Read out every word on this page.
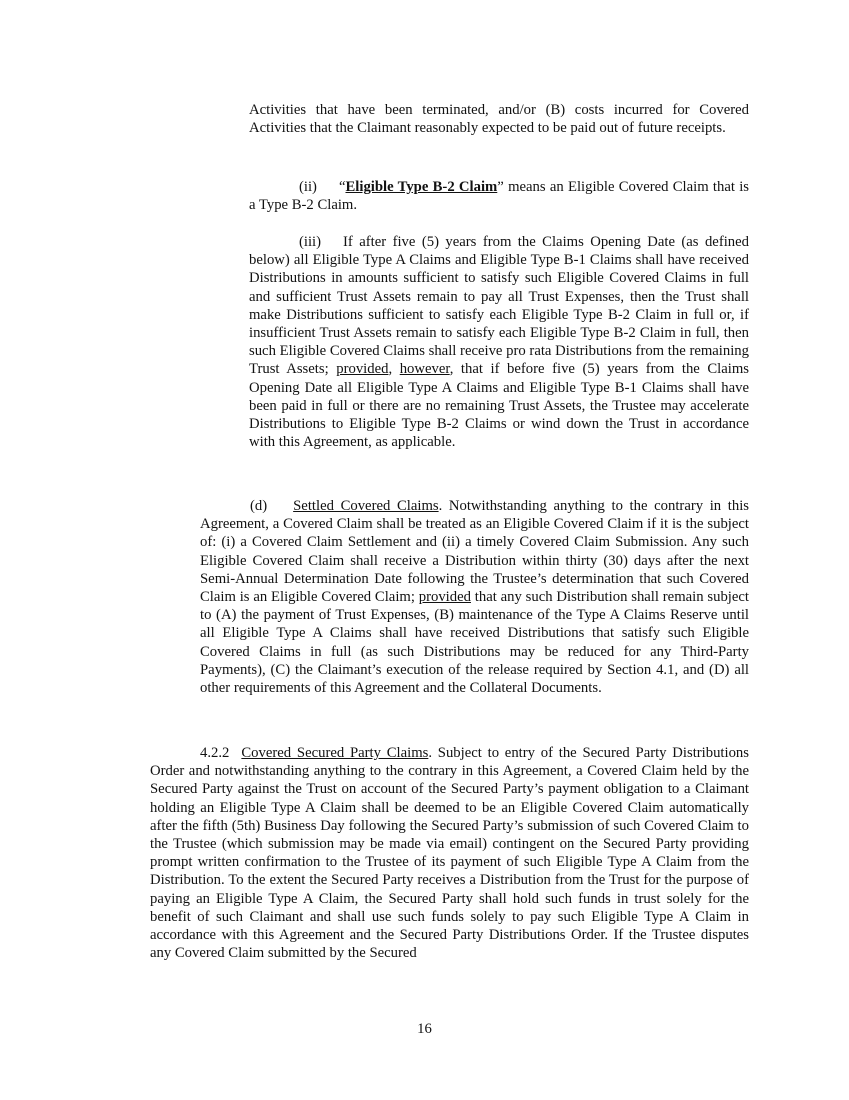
Activities that have been terminated, and/or (B) costs incurred for Covered Activities that the Claimant reasonably expected to be paid out of future receipts.

(ii) “Eligible Type B-2 Claim” means an Eligible Covered Claim that is a Type B-2 Claim.

(iii) If after five (5) years from the Claims Opening Date (as defined below) all Eligible Type A Claims and Eligible Type B-1 Claims shall have received Distributions in amounts sufficient to satisfy such Eligible Covered Claims in full and sufficient Trust Assets remain to pay all Trust Expenses, then the Trust shall make Distributions sufficient to satisfy each Eligible Type B-2 Claim in full or, if insufficient Trust Assets remain to satisfy each Eligible Type B-2 Claim in full, then such Eligible Covered Claims shall receive pro rata Distributions from the remaining Trust Assets; provided, however, that if before five (5) years from the Claims Opening Date all Eligible Type A Claims and Eligible Type B-1 Claims shall have been paid in full or there are no remaining Trust Assets, the Trustee may accelerate Distributions to Eligible Type B-2 Claims or wind down the Trust in accordance with this Agreement, as applicable.

(d) Settled Covered Claims. Notwithstanding anything to the contrary in this Agreement, a Covered Claim shall be treated as an Eligible Covered Claim if it is the subject of: (i) a Covered Claim Settlement and (ii) a timely Covered Claim Submission. Any such Eligible Covered Claim shall receive a Distribution within thirty (30) days after the next Semi-Annual Determination Date following the Trustee’s determination that such Covered Claim is an Eligible Covered Claim; provided that any such Distribution shall remain subject to (A) the payment of Trust Expenses, (B) maintenance of the Type A Claims Reserve until all Eligible Type A Claims shall have received Distributions that satisfy such Eligible Covered Claims in full (as such Distributions may be reduced for any Third-Party Payments), (C) the Claimant’s execution of the release required by Section 4.1, and (D) all other requirements of this Agreement and the Collateral Documents.

4.2.2 Covered Secured Party Claims. Subject to entry of the Secured Party Distributions Order and notwithstanding anything to the contrary in this Agreement, a Covered Claim held by the Secured Party against the Trust on account of the Secured Party’s payment obligation to a Claimant holding an Eligible Type A Claim shall be deemed to be an Eligible Covered Claim automatically after the fifth (5th) Business Day following the Secured Party’s submission of such Covered Claim to the Trustee (which submission may be made via email) contingent on the Secured Party providing prompt written confirmation to the Trustee of its payment of such Eligible Type A Claim from the Distribution. To the extent the Secured Party receives a Distribution from the Trust for the purpose of paying an Eligible Type A Claim, the Secured Party shall hold such funds in trust solely for the benefit of such Claimant and shall use such funds solely to pay such Eligible Type A Claim in accordance with this Agreement and the Secured Party Distributions Order. If the Trustee disputes any Covered Claim submitted by the Secured

16
